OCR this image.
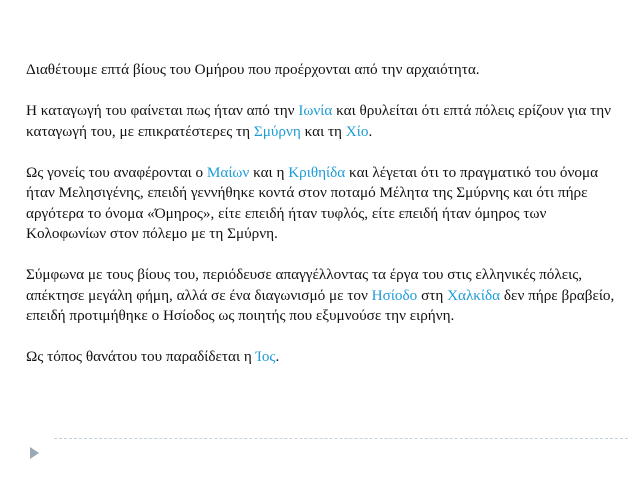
Διαθέτουμε επτά βίους του Ομήρου που προέρχονται από την αρχαιότητα.

Η καταγωγή του φαίνεται πως ήταν από την Ιωνία και θρυλείται ότι επτά πόλεις ερίζουν για την καταγωγή του, με επικρατέστερες τη Σμύρνη και τη Χίο.

Ως γονείς του αναφέρονται ο Μαίων και η Κριθηίδα και λέγεται ότι το πραγματικό του όνομα ήταν Μελησιγένης, επειδή γεννήθηκε κοντά στον ποταμό Μέλητα της Σμύρνης και ότι πήρε αργότερα το όνομα «Όμηρος», είτε επειδή ήταν τυφλός, είτε επειδή ήταν όμηρος των Κολοφωνίων στον πόλεμο με τη Σμύρνη.

Σύμφωνα με τους βίους του, περιόδευσε απαγγέλλοντας τα έργα του στις ελληνικές πόλεις, απέκτησε μεγάλη φήμη, αλλά σε ένα διαγωνισμό με τον Ησίοδο στη Χαλκίδα δεν πήρε βραβείο, επειδή προτιμήθηκε ο Ησίοδος ως ποιητής που εξυμνούσε την ειρήνη.

Ως τόπος θανάτου του παραδίδεται η Ίος.
